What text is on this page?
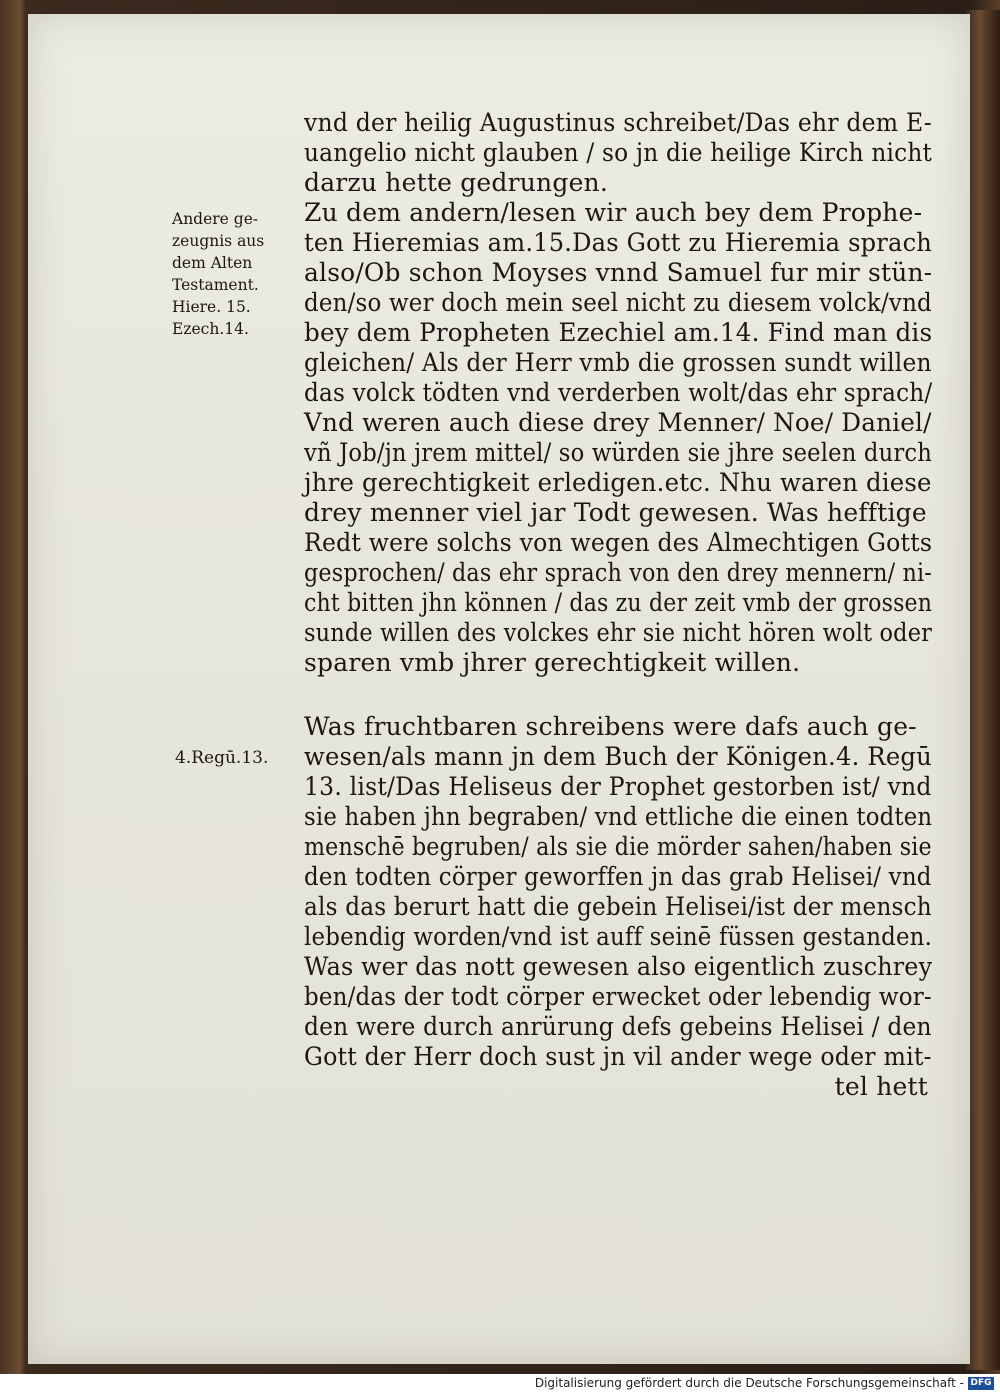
Andere ge-
zeugnis aus
dem Alten
Testament.
Hiere. 15.
Ezech.14.
4.Regū.13.
vnd der heilig Augustinus schreibet/Das ehr dem E-
uangelio nicht glauben / so jn die heilige Kirch nicht
darzu hette gedrungen.
Zu dem andern/lesen wir auch bey dem Prophe-
ten Hieremias am.15.Das Gott zu Hieremia sprach
also/Ob schon Moyses vnnd Samuel fur mir stün-
den/so wer doch mein seel nicht zu diesem volck/vnd
bey dem Propheten Ezechiel am.14. Find man dis
gleichen/ Als der Herr vmb die grossen sundt willen
das volck tödten vnd verderben wolt/das ehr sprach/
Vnd weren auch diese drey Menner/ Noe/ Daniel/
vñ Job/jn jrem mittel/ so würden sie jhre seelen durch
jhre gerechtigkeit erledigen.etc. Nhu waren diese
drey menner viel jar Todt gewesen. Was hefftige
Redt were solchs von wegen des Almechtigen Gotts
gesprochen/ das ehr sprach von den drey mennern/ ni-
cht bitten jhn können / das zu der zeit vmb der grossen
sunde willen des volckes ehr sie nicht hören wolt oder
sparen vmb jhrer gerechtigkeit willen.
Was fruchtbaren schreibens were dafs auch ge-
wesen/als mann jn dem Buch der Königen.4. Regū
13. list/Das Heliseus der Prophet gestorben ist/ vnd
sie haben jhn begraben/ vnd ettliche die einen todten
menschē begruben/ als sie die mörder sahen/haben sie
den todten cörper geworffen jn das grab Helisei/ vnd
als das berurt hatt die gebein Helisei/ist der mensch
lebendig worden/vnd ist auff seinē füssen gestanden.
Was wer das nott gewesen also eigentlich zuschrey
ben/das der todt cörper erwecket oder lebendig wor-
den were durch anrürung defs gebeins Helisei / den
Gott der Herr doch sust jn vil ander wege oder mit-
tel hett
Digitalisierung gefördert durch die Deutsche Forschungsgemeinschaft - DFG
